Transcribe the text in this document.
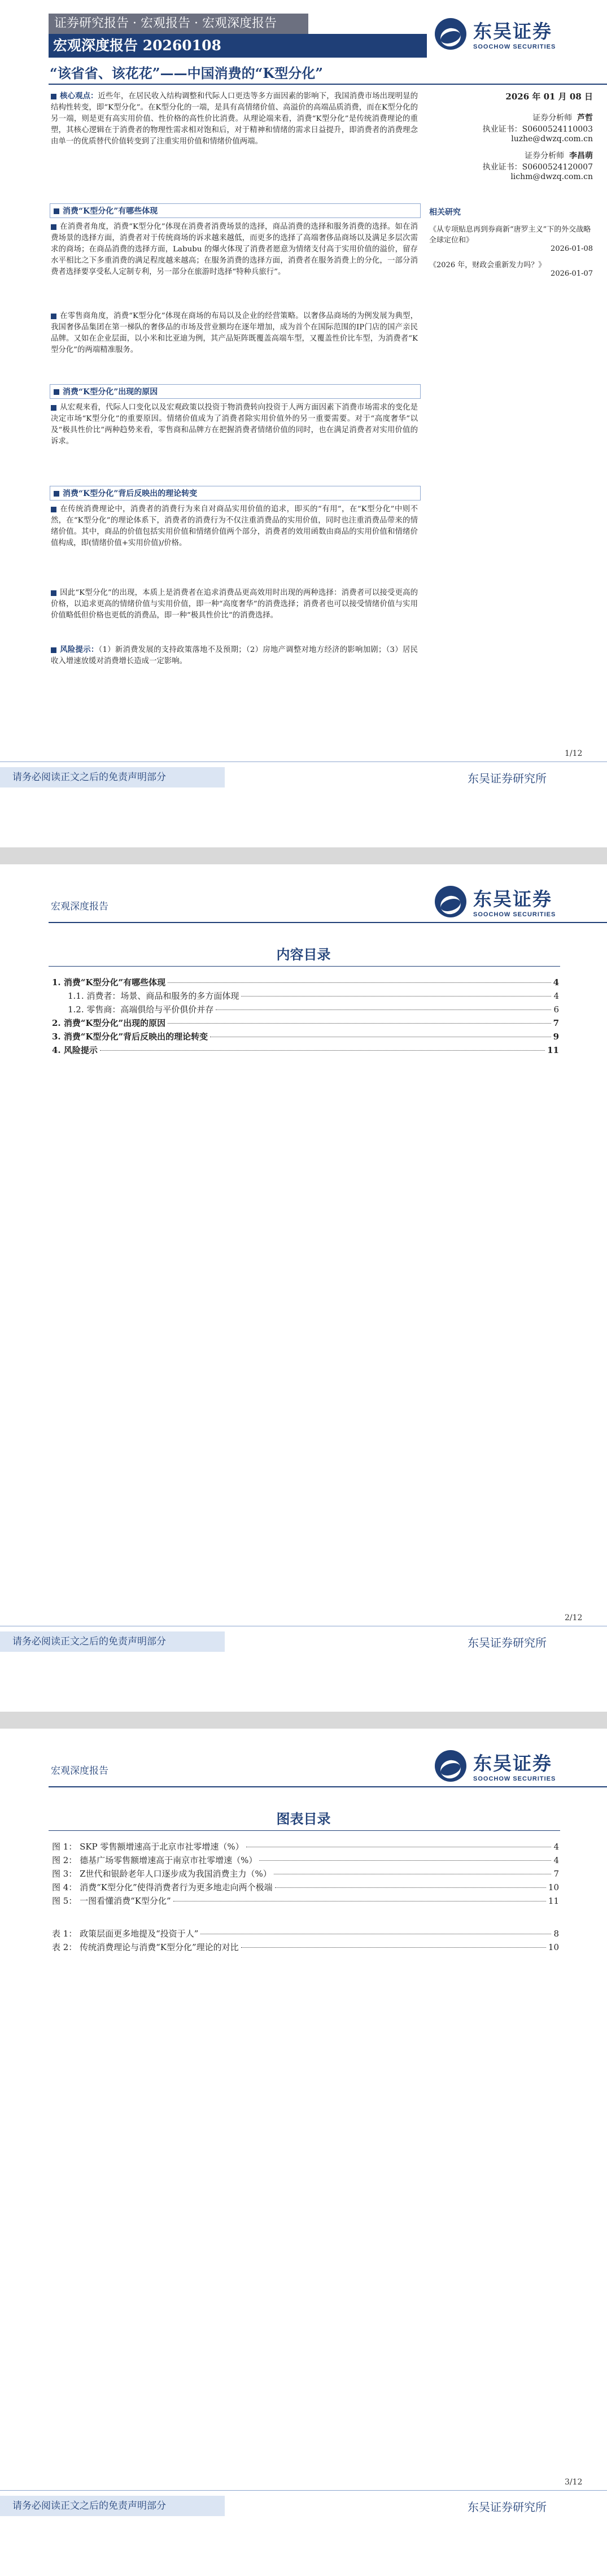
证券研究报告 · 宏观报告 · 宏观深度报告
宏观深度报告 20260108
东吴证券
SOOCHOW SECURITIES
“该省省、该花花”——中国消费的“K型分化”
2026 年 01 月 08 日
证券分析师 芦哲
执业证书：S0600524110003
luzhe@dwzq.com.cn
证券分析师 李昌萌
执业证书：S0600524120007
lichm@dwzq.com.cn
相关研究
《从专项贴息再到券商新“唐罗主义”下的外交战略全球定位和》
2026-01-08
《2026 年，财政会重新发力吗？》
2026-01-07
核心观点：近些年，在居民收入结构调整和代际人口更迭等多方面因素的影响下，我国消费市场出现明显的结构性转变，即“K型分化”。在K型分化的一端，是具有高情绪价值、高溢价的高端品质消费，而在K型分化的另一端，则是更有高实用价值、性价格的高性价比消费。从理论端来看，消费“K型分化”是传统消费理论的重塑，其核心逻辑在于消费者的物理性需求相对饱和后，对于精神和情绪的需求日益提升，即消费者的消费理念由单一的优质替代价值转变到了注重实用价值和情绪价值两端。
消费“K型分化”有哪些体现
在消费者角度，消费“K型分化”体现在消费者消费场景的选择，商品消费的选择和服务消费的选择。如在消费场景的选择方面，消费者对于传统商场的诉求越来越低，而更多的选择了高端奢侈品商场以及满足多层次需求的商场；在商品消费的选择方面，Labubu 的爆火体现了消费者愿意为情绪支付高于实用价值的溢价，留存水平相比之下多重消费的满足程度越来越高；在服务消费的选择方面，消费者在服务消费上的分化，一部分消费者选择要享受私人定制专利，另一部分在旅游时选择“特种兵旅行”。
在零售商角度，消费“K型分化”体现在商场的布局以及企业的经营策略。以奢侈品商场的为例发展为典型，我国奢侈品集团在第一梯队的奢侈品的市场及营业额均在逐年增加，成为首个在国际范围的IP门店的国产亲民品牌。又如在企业层面，以小米和比亚迪为例，其产品矩阵既覆盖高端车型，又覆盖性价比车型，为消费者“K型分化”的两端精准服务。
消费“K型分化”出现的原因
从宏观来看，代际人口变化以及宏观政策以投资于物消费转向投资于人两方面因素下消费市场需求的变化是决定市场“K型分化”的重要原因。情绪价值成为了消费者除实用价值外的另一重要需要。对于“高度奢华”以及“极具性价比”两种趋势来看，零售商和品牌方在把握消费者情绪价值的同时，也在满足消费者对实用价值的诉求。
消费“K型分化”背后反映出的理论转变
在传统消费理论中，消费者的消费行为来自对商品实用价值的追求，即买的“有用”，在“K型分化”中则不然，在“K型分化”的理论体系下，消费者的消费行为不仅注重消费品的实用价值，同时也注重消费品带来的情绪价值。其中，商品的价值包括实用价值和情绪价值两个部分，消费者的效用函数由商品的实用价值和情绪价值构成，即(情绪价值+实用价值)/价格。
因此“K型分化”的出现，本质上是消费者在追求消费品更高效用时出现的两种选择：消费者可以接受更高的价格，以追求更高的情绪价值与实用价值，即一种“高度奢华”的消费选择；消费者也可以接受情绪价值与实用价值略低但价格也更低的消费品，即一种“极具性价比”的消费选择。
风险提示：（1）新消费发展的支持政策落地不及预期；（2）房地产调整对地方经济的影响加剧；（3）居民收入增速放缓对消费增长造成一定影响。
1/12
请务必阅读正文之后的免责声明部分	东吴证券研究所
宏观深度报告	东吴证券
SOOCHOW SECURITIES
内容目录
1. 消费“K型分化”有哪些体现	4
1.1. 消费者：场景、商品和服务的多方面体现	4
1.2. 零售商：高端俱给与平价俱价并存	6
2. 消费“K型分化”出现的原因	7
3. 消费“K型分化”背后反映出的理论转变	9
4. 风险提示	11
2/12
请务必阅读正文之后的免责声明部分	东吴证券研究所
宏观深度报告	东吴证券
SOOCHOW SECURITIES
图表目录
图 1： SKP 零售额增速高于北京市社零增速（%）	4
图 2： 德基广场零售额增速高于南京市社零增速（%）	4
图 3： Z世代和银龄老年人口逐步成为我国消费主力（%）	7
图 4： 消费“K型分化”使得消费者行为更多地走向两个极端	10
图 5： 一图看懂消费“K型分化”	11
表 1： 政策层面更多地提及“投资于人”	8
表 2： 传统消费理论与消费“K型分化”理论的对比	10
3/12
请务必阅读正文之后的免责声明部分	东吴证券研究所
